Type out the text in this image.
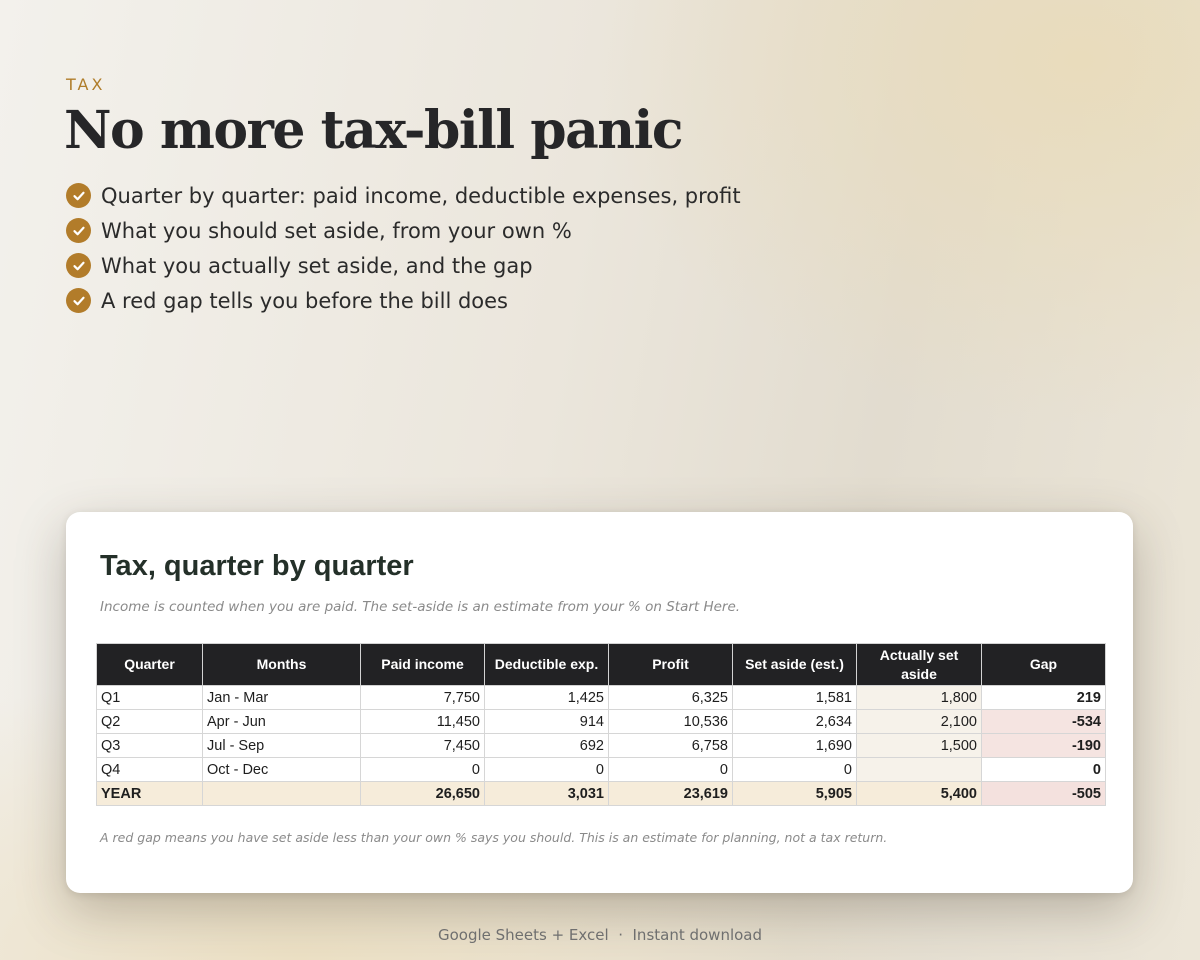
TAX
No more tax-bill panic
Quarter by quarter: paid income, deductible expenses, profit
What you should set aside, from your own %
What you actually set aside, and the gap
A red gap tells you before the bill does
Tax, quarter by quarter
Income is counted when you are paid. The set-aside is an estimate from your % on Start Here.
Quarter	Months	Paid income	Deductible exp.	Profit	Set aside (est.)	Actually set aside	Gap
Q1	Jan - Mar	7,750	1,425	6,325	1,581	1,800	219
Q2	Apr - Jun	11,450	914	10,536	2,634	2,100	-534
Q3	Jul - Sep	7,450	692	6,758	1,690	1,500	-190
Q4	Oct - Dec	0	0	0	0		0
YEAR		26,650	3,031	23,619	5,905	5,400	-505
A red gap means you have set aside less than your own % says you should. This is an estimate for planning, not a tax return.
Google Sheets + Excel  ·  Instant download
